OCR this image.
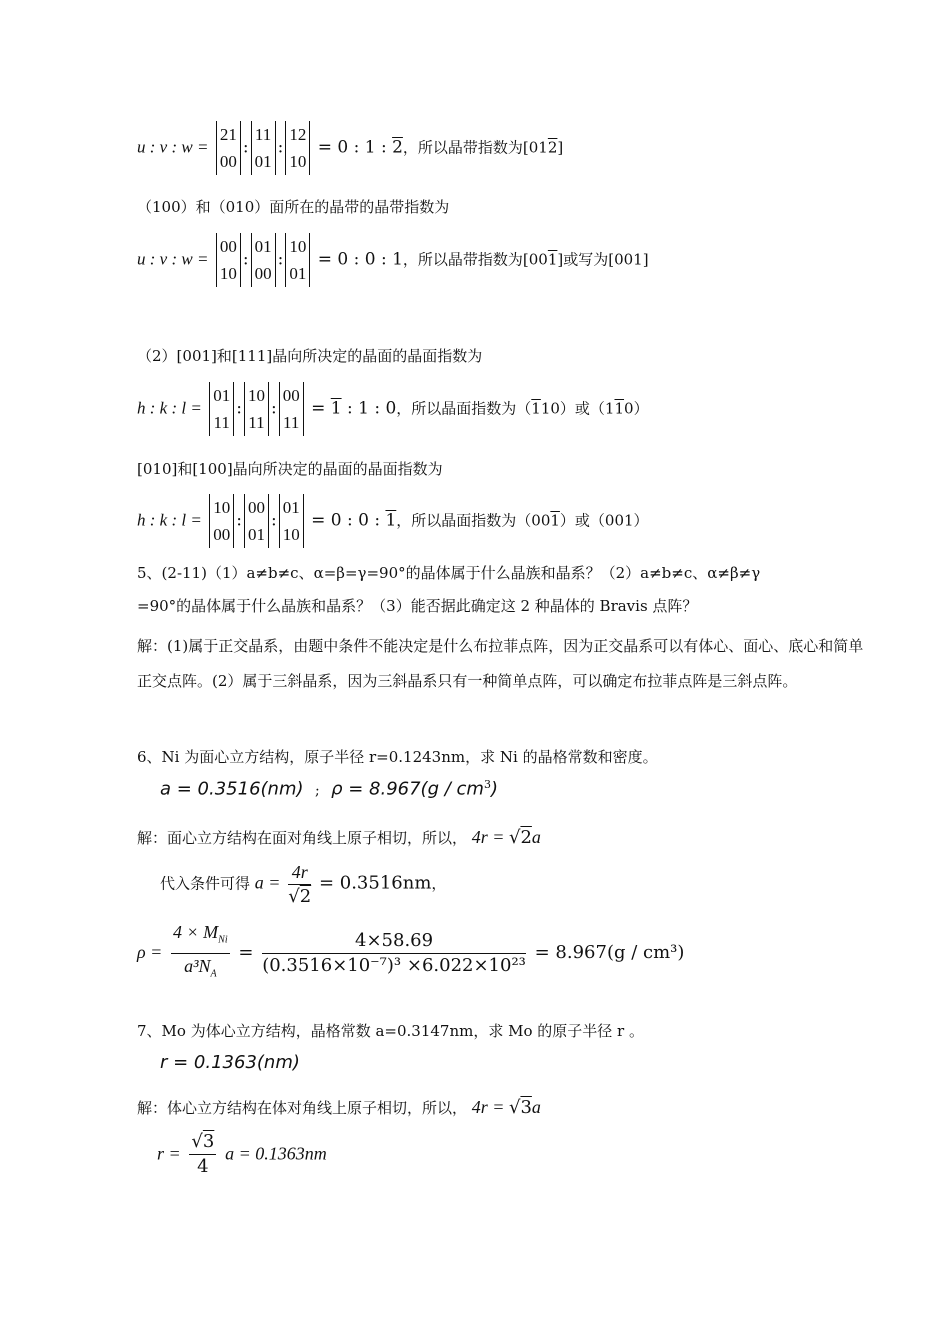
u : v : w =
21
00
:
11
01
:
12
10
= 0 : 1 : 2，所以晶带指数为[012]
（100）和（010）面所在的晶带的晶带指数为
u : v : w =
00
10
:
01
00
:
10
01
= 0 : 0 : 1，所以晶带指数为[001]或写为[001]
（2）[001]和[111]晶向所决定的晶面的晶面指数为
h : k : l =
01
11
:
10
11
:
00
11
= 1 : 1 : 0，所以晶面指数为（110）或（110）
[010]和[100]晶向所决定的晶面的晶面指数为
h : k : l =
10
00
:
00
01
:
01
10
= 0 : 0 : 1，所以晶面指数为（001）或（001）
5、(2-11)（1）a≠b≠c、α=β=γ=90°的晶体属于什么晶族和晶系？（2）a≠b≠c、α≠β≠γ
=90°的晶体属于什么晶族和晶系？（3）能否据此确定这 2 种晶体的 Bravis 点阵？
解：(1)属于正交晶系，由题中条件不能决定是什么布拉菲点阵，因为正交晶系可以有体心、面心、底心和简单正交点阵。(2）属于三斜晶系，因为三斜晶系只有一种简单点阵，可以确定布拉菲点阵是三斜点阵。
6、Ni 为面心立方结构，原子半径 r=0.1243nm，求 Ni 的晶格常数和密度。
a = 0.3516(nm) ; $\rho = 8.967(g / cm^3)$
解：面心立方结构在面对角线上原子相切，所以， 4r = √2a
代入条件可得 $a = \frac{4r}{√2} = 0.3516nm$，
$\rho = \frac{4 \times M_{Ni}}{a^3N_A} = \frac{4\times 58.69}{\text{(0.3516×10⁻⁷)³ ×6.022×10²³}} = 8.967(g / cm^3)$
7、Mo 为体心立方结构，晶格常数 a=0.3147nm，求 Mo 的原子半径 r 。
r = 0.1363(nm)
解：体心立方结构在体对角线上原子相切，所以， 4r = √3a
$r = \frac{√3}{4}$ a = 0.1363nm
